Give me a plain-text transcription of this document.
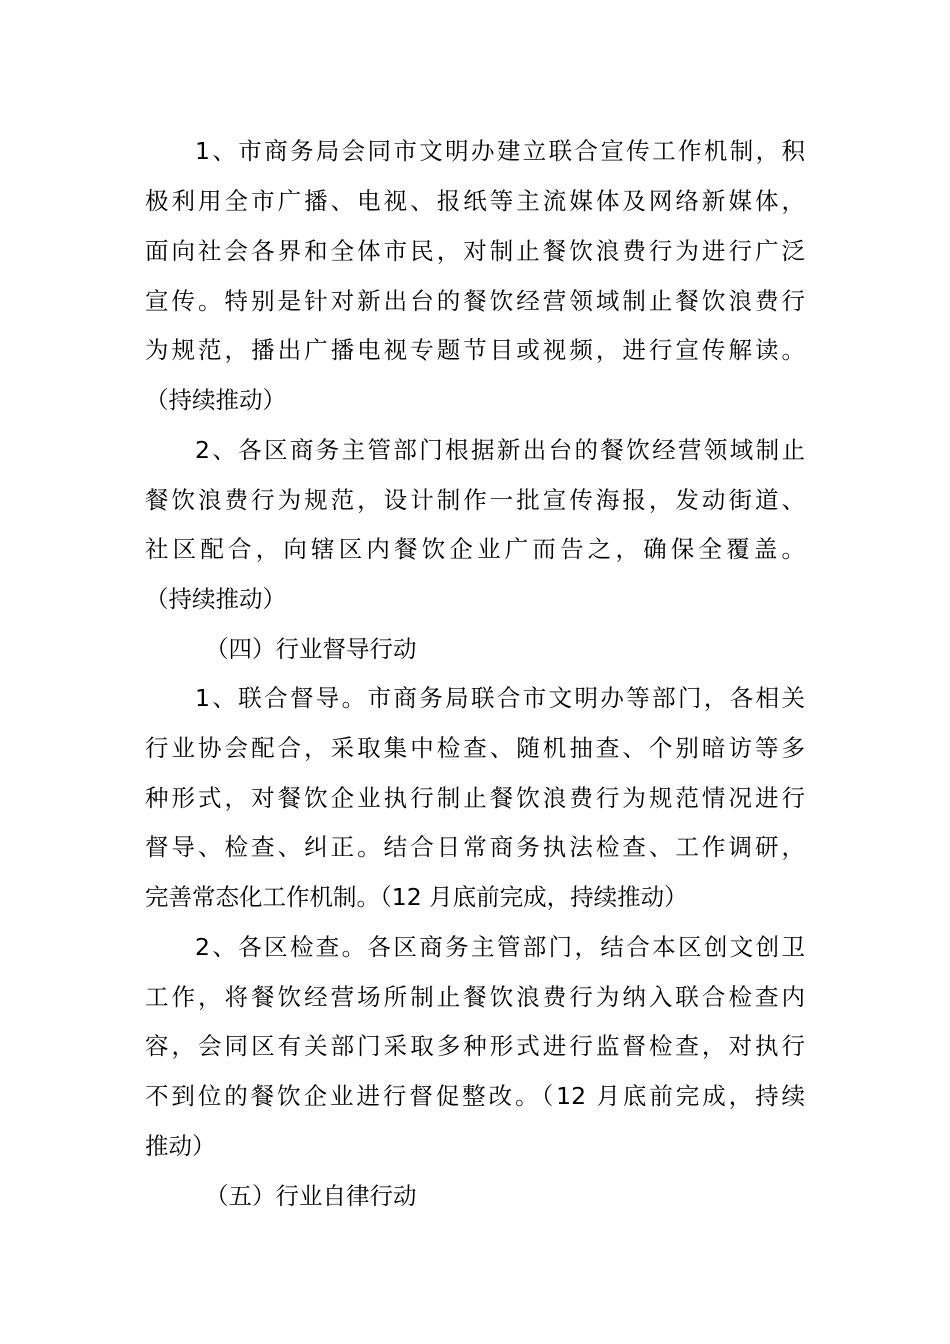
1、市商务局会同市文明办建立联合宣传工作机制，积
极利用全市广播、电视、报纸等主流媒体及网络新媒体，
面向社会各界和全体市民，对制止餐饮浪费行为进行广泛
宣传。特别是针对新出台的餐饮经营领域制止餐饮浪费行
为规范，播出广播电视专题节目或视频，进行宣传解读。
（持续推动）
2、各区商务主管部门根据新出台的餐饮经营领域制止
餐饮浪费行为规范，设计制作一批宣传海报，发动街道、
社区配合，向辖区内餐饮企业广而告之，确保全覆盖。
（持续推动）
（四）行业督导行动
1、联合督导。市商务局联合市文明办等部门，各相关
行业协会配合，采取集中检查、随机抽查、个别暗访等多
种形式，对餐饮企业执行制止餐饮浪费行为规范情况进行
督导、检查、纠正。结合日常商务执法检查、工作调研，
完善常态化工作机制。（12 月底前完成，持续推动）
2、各区检查。各区商务主管部门，结合本区创文创卫
工作，将餐饮经营场所制止餐饮浪费行为纳入联合检查内
容，会同区有关部门采取多种形式进行监督检查，对执行
不到位的餐饮企业进行督促整改。（12 月底前完成，持续
推动）
（五）行业自律行动
